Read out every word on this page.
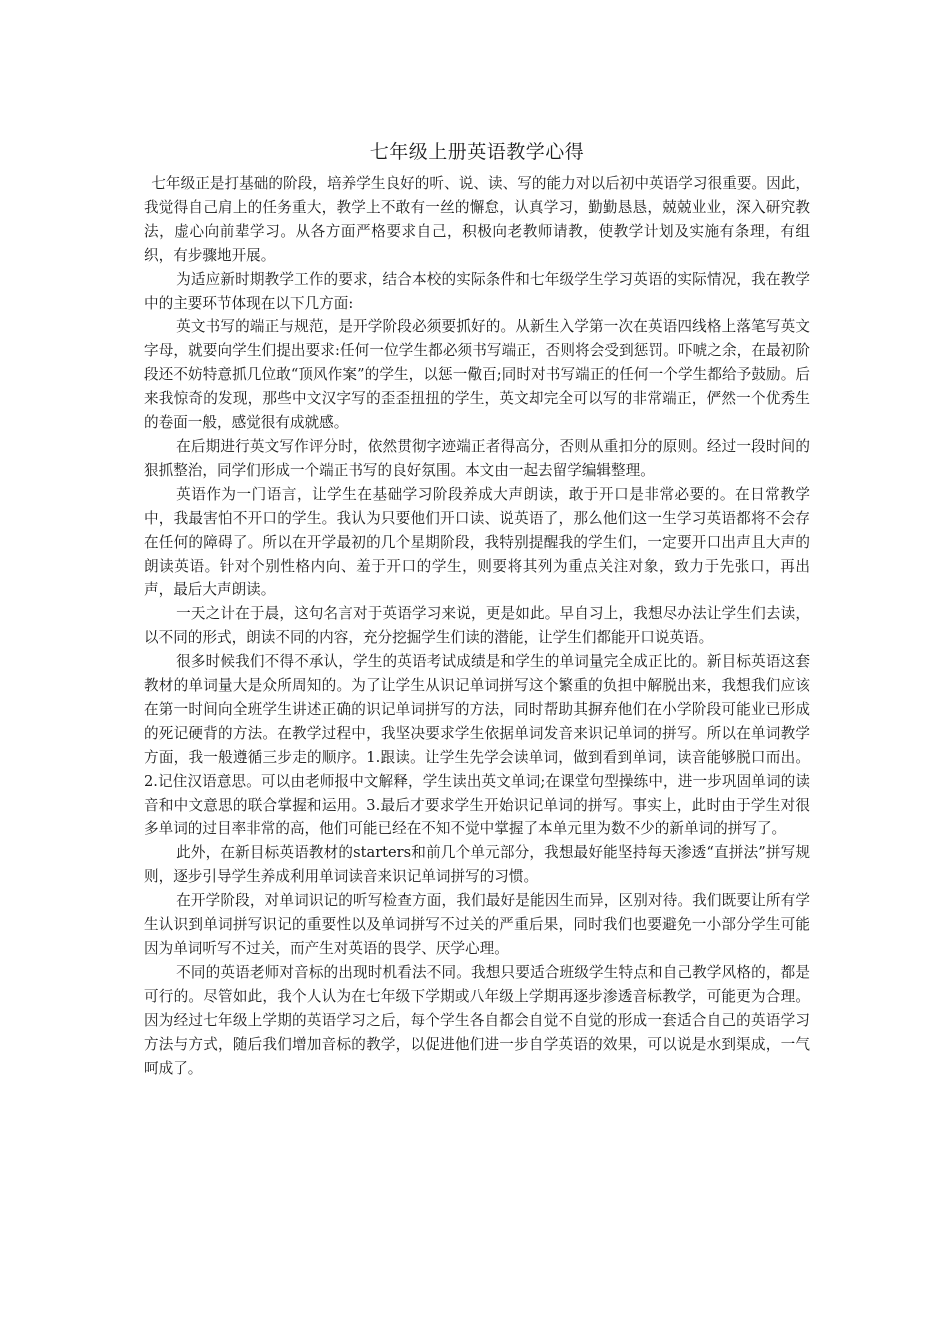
七年级上册英语教学心得

七年级正是打基础的阶段，培养学生良好的听、说、读、写的能力对以后初中英语学习很重要。因此，我觉得自己肩上的任务重大，教学上不敢有一丝的懈怠，认真学习，勤勤恳恳，兢兢业业，深入研究教法，虚心向前辈学习。从各方面严格要求自己，积极向老教师请教，使教学计划及实施有条理，有组织，有步骤地开展。

为适应新时期教学工作的要求，结合本校的实际条件和七年级学生学习英语的实际情况，我在教学中的主要环节体现在以下几方面:

英文书写的端正与规范，是开学阶段必须要抓好的。从新生入学第一次在英语四线格上落笔写英文字母，就要向学生们提出要求:任何一位学生都必须书写端正，否则将会受到惩罚。吓唬之余，在最初阶段还不妨特意抓几位敢“顶风作案”的学生，以惩一儆百;同时对书写端正的任何一个学生都给予鼓励。后来我惊奇的发现，那些中文汉字写的歪歪扭扭的学生，英文却完全可以写的非常端正，俨然一个优秀生的卷面一般，感觉很有成就感。

在后期进行英文写作评分时，依然贯彻字迹端正者得高分，否则从重扣分的原则。经过一段时间的狠抓整治，同学们形成一个端正书写的良好氛围。本文由一起去留学编辑整理。

英语作为一门语言，让学生在基础学习阶段养成大声朗读，敢于开口是非常必要的。在日常教学中，我最害怕不开口的学生。我认为只要他们开口读、说英语了，那么他们这一生学习英语都将不会存在任何的障碍了。所以在开学最初的几个星期阶段，我特别提醒我的学生们，一定要开口出声且大声的朗读英语。针对个别性格内向、羞于开口的学生，则要将其列为重点关注对象，致力于先张口，再出声，最后大声朗读。

一天之计在于晨，这句名言对于英语学习来说，更是如此。早自习上，我想尽办法让学生们去读，以不同的形式，朗读不同的内容，充分挖掘学生们读的潜能，让学生们都能开口说英语。

很多时候我们不得不承认，学生的英语考试成绩是和学生的单词量完全成正比的。新目标英语这套教材的单词量大是众所周知的。为了让学生从识记单词拼写这个繁重的负担中解脱出来，我想我们应该在第一时间向全班学生讲述正确的识记单词拼写的方法，同时帮助其摒弃他们在小学阶段可能业已形成的死记硬背的方法。在教学过程中，我坚决要求学生依据单词发音来识记单词的拼写。所以在单词教学方面，我一般遵循三步走的顺序。1.跟读。让学生先学会读单词，做到看到单词，读音能够脱口而出。2.记住汉语意思。可以由老师报中文解释，学生读出英文单词;在课堂句型操练中，进一步巩固单词的读音和中文意思的联合掌握和运用。3.最后才要求学生开始识记单词的拼写。事实上，此时由于学生对很多单词的过目率非常的高，他们可能已经在不知不觉中掌握了本单元里为数不少的新单词的拼写了。

此外，在新目标英语教材的starters和前几个单元部分，我想最好能坚持每天渗透“直拼法”拼写规则，逐步引导学生养成利用单词读音来识记单词拼写的习惯。

在开学阶段，对单词识记的听写检查方面，我们最好是能因生而异，区别对待。我们既要让所有学生认识到单词拼写识记的重要性以及单词拼写不过关的严重后果，同时我们也要避免一小部分学生可能因为单词听写不过关，而产生对英语的畏学、厌学心理。

不同的英语老师对音标的出现时机看法不同。我想只要适合班级学生特点和自己教学风格的，都是可行的。尽管如此，我个人认为在七年级下学期或八年级上学期再逐步渗透音标教学，可能更为合理。因为经过七年级上学期的英语学习之后，每个学生各自都会自觉不自觉的形成一套适合自己的英语学习方法与方式，随后我们增加音标的教学，以促进他们进一步自学英语的效果，可以说是水到渠成，一气呵成了。
